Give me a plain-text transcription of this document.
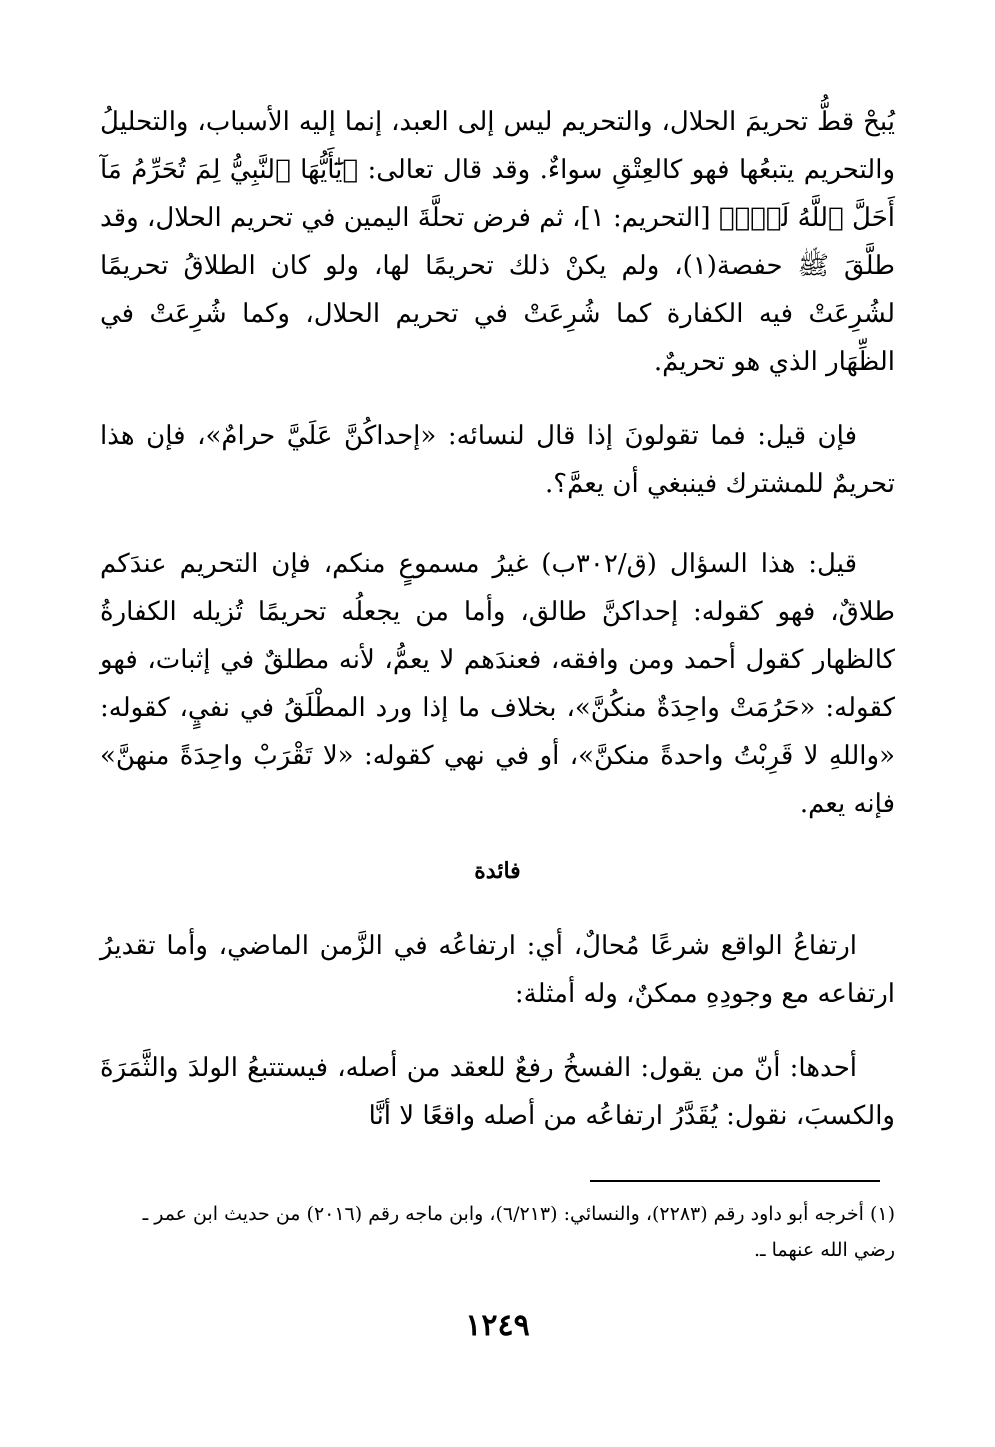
يُبحْ قطُّ تحريمَ الحلال، والتحريم ليس إلى العبد، إنما إليه الأسباب، والتحليلُ والتحريم يتبعُها فهو كالعِتْقِ سواءٌ. وقد قال تعالى: ﴿يَٰٓأَيُّهَا ٱلنَّبِيُّ لِمَ تُحَرِّمُ مَآ أَحَلَّ ٱللَّهُ لَكَۖ﴾ [التحريم: ١]، ثم فرض تحلَّةَ اليمين في تحريم الحلال، وقد طلَّقَ ﷺ حفصة(١)، ولم يكنْ ذلك تحريمًا لها، ولو كان الطلاقُ تحريمًا لشُرِعَتْ فيه الكفارة كما شُرِعَتْ في تحريم الحلال، وكما شُرِعَتْ في الظِّهَار الذي هو تحريمٌ.

فإن قيل: فما تقولونَ إذا قال لنسائه: «إحداكُنَّ عَلَيَّ حرامٌ»، فإن هذا تحريمٌ للمشترك فينبغي أن يعمَّ؟.

قيل: هذا السؤال (ق/٣٠٢ب) غيرُ مسموعٍ منكم، فإن التحريم عندَكم طلاقٌ، فهو كقوله: إحداكنَّ طالق، وأما من يجعلُه تحريمًا تُزيله الكفارةُ كالظهار كقول أحمد ومن وافقه، فعندَهم لا يعمُّ، لأنه مطلقٌ في إثبات، فهو كقوله: «حَرُمَتْ واحِدَةٌ منكُنَّ»، بخلاف ما إذا ورد المطْلَقُ في نفيٍ، كقوله: «واللهِ لا قَرِبْتُ واحدةً منكنَّ»، أو في نهي كقوله: «لا تَقْرَبْ واحِدَةً منهنَّ» فإنه يعم.

فائدة

ارتفاعُ الواقع شرعًا مُحالٌ، أي: ارتفاعُه في الزَّمن الماضي، وأما تقديرُ ارتفاعه مع وجودِهِ ممكنٌ، وله أمثلة:

أحدها: أنّ من يقول: الفسخُ رفعٌ للعقد من أصله، فيستتبعُ الولدَ والثَّمَرَةَ والكسبَ، نقول: يُقَدَّرُ ارتفاعُه من أصله واقعًا لا أنَّا

(١) أخرجه أبو داود رقم (٢٢٨٣)، والنسائي: (٦/٢١٣)، وابن ماجه رقم (٢٠١٦) من حديث ابن عمر ـ رضي الله عنهما ـ.
١٢٤٩
